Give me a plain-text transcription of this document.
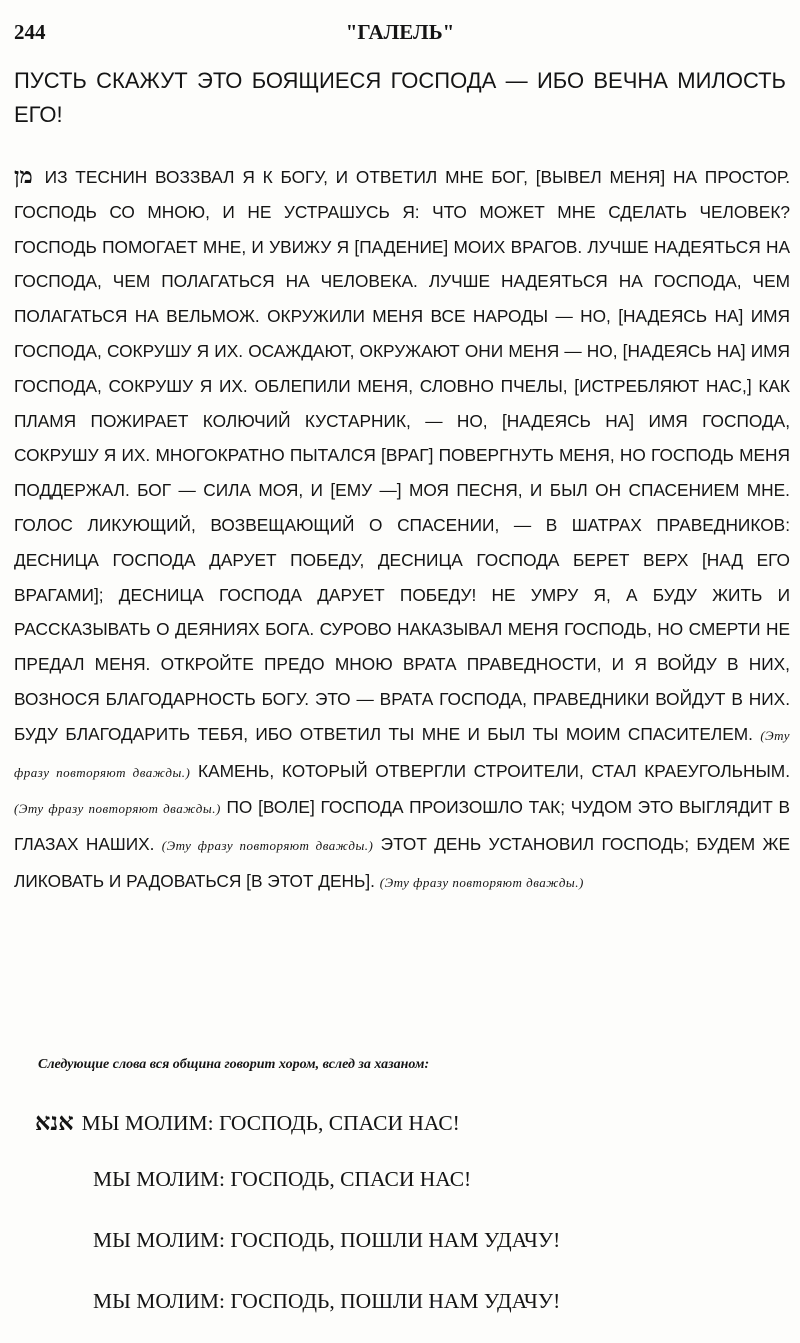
244	"ГАЛЕЛЬ"
ПУСТЬ СКАЖУТ ЭТО БОЯЩИЕСЯ ГОСПОДА — ИБО ВЕЧНА МИЛОСТЬ ЕГО!
מן ИЗ ТЕСНИН ВОЗЗВАЛ Я К БОГУ, И ОТВЕТИЛ МНЕ БОГ, [ВЫВЕЛ МЕНЯ] НА ПРОСТОР. ГОСПОДЬ СО МНОЮ, И НЕ УСТРАШУСЬ Я: ЧТО МОЖЕТ МНЕ СДЕЛАТЬ ЧЕЛОВЕК? ГОСПОДЬ ПОМОГАЕТ МНЕ, И УВИЖУ Я [ПАДЕНИЕ] МОИХ ВРАГОВ. ЛУЧШЕ НАДЕЯТЬСЯ НА ГОСПОДА, ЧЕМ ПОЛАГАТЬСЯ НА ЧЕЛОВЕКА. ЛУЧШЕ НАДЕЯТЬСЯ НА ГОСПОДА, ЧЕМ ПОЛАГАТЬСЯ НА ВЕЛЬМОЖ. ОКРУЖИЛИ МЕНЯ ВСЕ НАРОДЫ — НО, [НАДЕЯСЬ НА] ИМЯ ГОСПОДА, СОКРУШУ Я ИХ. ОСАЖДАЮТ, ОКРУЖАЮТ ОНИ МЕНЯ — НО, [НАДЕЯСЬ НА] ИМЯ ГОСПОДА, СОКРУШУ Я ИХ. ОБЛЕПИЛИ МЕНЯ, СЛОВНО ПЧЕЛЫ, [ИСТРЕБЛЯЮТ НАС,] КАК ПЛАМЯ ПОЖИРАЕТ КОЛЮЧИЙ КУСТАРНИК, — НО, [НАДЕЯСЬ НА] ИМЯ ГОСПОДА, СОКРУШУ Я ИХ. МНОГОКРАТНО ПЫТАЛСЯ [ВРАГ] ПОВЕРГНУТЬ МЕНЯ, НО ГОСПОДЬ МЕНЯ ПОДДЕРЖАЛ. БОГ — СИЛА МОЯ, И [ЕМУ —] МОЯ ПЕСНЯ, И БЫЛ ОН СПАСЕНИЕМ МНЕ. ГОЛОС ЛИКУЮЩИЙ, ВОЗВЕЩАЮЩИЙ О СПАСЕНИИ, — В ШАТРАХ ПРАВЕДНИКОВ: ДЕСНИЦА ГОСПОДА ДАРУЕТ ПОБЕДУ, ДЕСНИЦА ГОСПОДА БЕРЕТ ВЕРХ [НАД ЕГО ВРАГАМИ]; ДЕСНИЦА ГОСПОДА ДАРУЕТ ПОБЕДУ! НЕ УМРУ Я, А БУДУ ЖИТЬ И РАССКАЗЫВАТЬ О ДЕЯНИЯХ БОГА. СУРОВО НАКАЗЫВАЛ МЕНЯ ГОСПОДЬ, НО СМЕРТИ НЕ ПРЕДАЛ МЕНЯ. ОТКРОЙТЕ ПРЕДО МНОЮ ВРАТА ПРАВЕДНОСТИ, И Я ВОЙДУ В НИХ, ВОЗНОСЯ БЛАГОДАРНОСТЬ БОГУ. ЭТО — ВРАТА ГОСПОДА, ПРАВЕДНИКИ ВОЙДУТ В НИХ. БУДУ БЛАГОДАРИТЬ ТЕБЯ, ИБО ОТВЕТИЛ ТЫ МНЕ И БЫЛ ТЫ МОИМ СПАСИТЕЛЕМ. (Эту фразу повторяют дважды.) КАМЕНЬ, КОТОРЫЙ ОТВЕРГЛИ СТРОИТЕЛИ, СТАЛ КРАЕУГОЛЬНЫМ. (Эту фразу повторяют дважды.) ПО [ВОЛЕ] ГОСПОДА ПРОИЗОШЛО ТАК; ЧУДОМ ЭТО ВЫГЛЯДИТ В ГЛАЗАХ НАШИХ. (Эту фразу повторяют дважды.) ЭТОТ ДЕНЬ УСТАНОВИЛ ГОСПОДЬ; БУДЕМ ЖЕ ЛИКОВАТЬ И РАДОВАТЬСЯ [В ЭТОТ ДЕНЬ]. (Эту фразу повторяют дважды.)
Следующие слова вся община говорит хором, вслед за хазаном:
אנא МЫ МОЛИМ: ГОСПОДЬ, СПАСИ НАС!
МЫ МОЛИМ: ГОСПОДЬ, СПАСИ НАС!
МЫ МОЛИМ: ГОСПОДЬ, ПОШЛИ НАМ УДАЧУ!
МЫ МОЛИМ: ГОСПОДЬ, ПОШЛИ НАМ УДАЧУ!
